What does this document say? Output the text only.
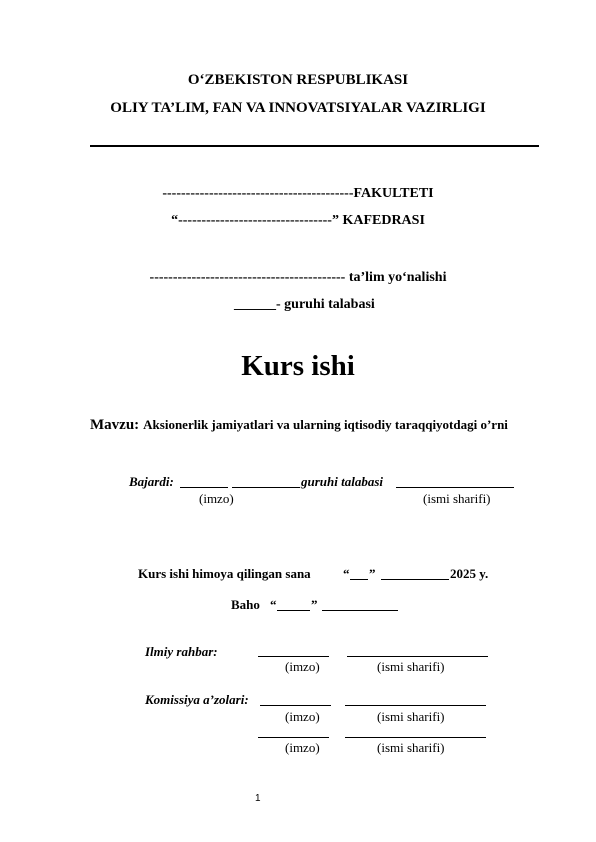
O‘ZBEKISTON RESPUBLIKASI
OLIY TA’LIM, FAN VA INNOVATSIYALAR VAZIRLIGI
-----------------------------------------FAKULTETI
“---------------------------------” KAFEDRASI
------------------------------------------ ta’lim yo‘nalishi
______- guruhi talabasi
Kurs ishi
Mavzu: Aksionerlik jamiyatlari va ularning iqtisodiy taraqqiyotdagi o’rni
Bajardi:	guruhi talabasi
(imzo)	(ismi sharifi)
Kurs ishi himoya qilingan sana “ ”	2025 y.
Baho “	”
Ilmiy rahbar:
(imzo)	(ismi sharifi)
Komissiya a’zolari:
(imzo)	(ismi sharifi)
(imzo)	(ismi sharifi)
1
